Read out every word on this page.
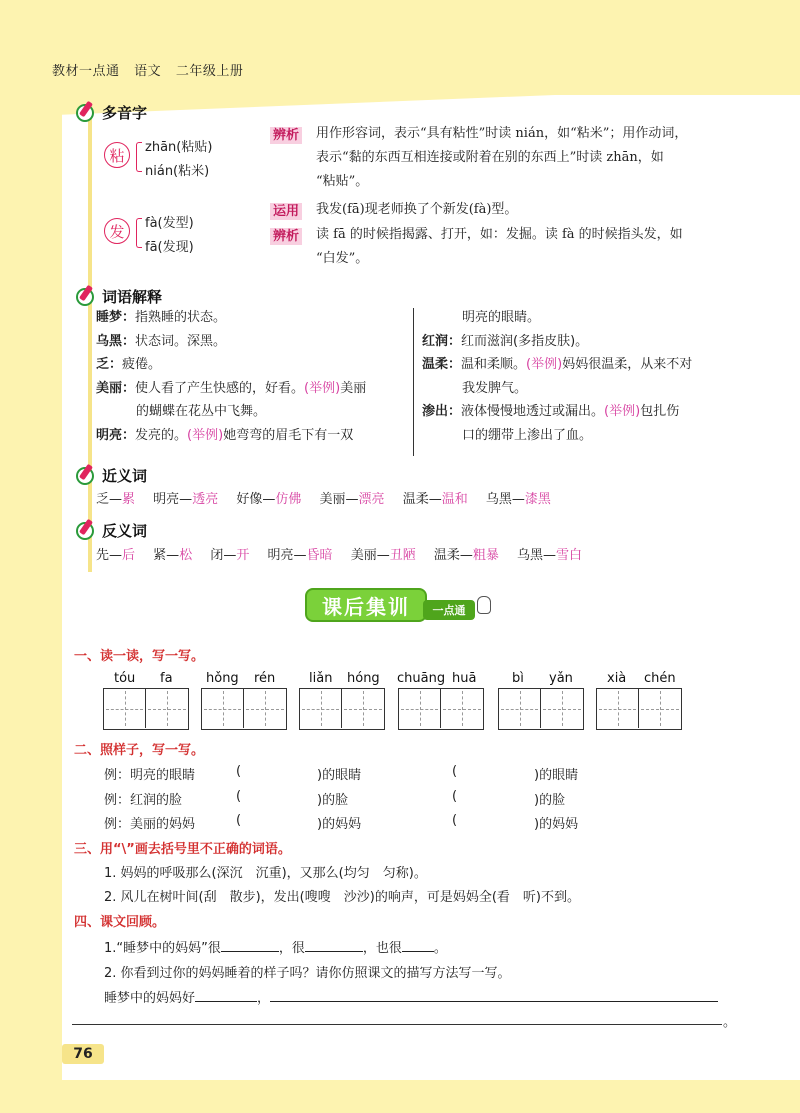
教材一点通 语文 二年级上册
多音字
粘	zhān(粘贴)
nián(粘米)
发	fà(发型)
fā(发现)
辨析 用作形容词，表示“具有粘性”时读 nián，如“粘米”；用作动词，
表示“黏的东西互相连接或附着在别的东西上”时读 zhān，如
“粘贴”。
运用 我发(fā)现老师换了个新发(fà)型。
辨析 读 fā 的时候指揭露、打开，如：发掘。读 fà 的时候指头发，如
“白发”。
词语解释
睡梦：指熟睡的状态。
乌黑：状态词。深黑。
乏：疲倦。
美丽：使人看了产生快感的，好看。(举例)美丽
的蝴蝶在花丛中飞舞。
明亮：发亮的。(举例)她弯弯的眉毛下有一双
明亮的眼睛。
红润：红而滋润(多指皮肤)。
温柔：温和柔顺。(举例)妈妈很温柔，从来不对
我发脾气。
渗出：液体慢慢地透过或漏出。(举例)包扎伤
口的绷带上渗出了血。
近义词
乏—累 明亮—透亮 好像—仿佛 美丽—漂亮 温柔—温和 乌黑—漆黑
反义词
先—后 紧—松 闭—开 明亮—昏暗 美丽—丑陋 温柔—粗暴 乌黑—雪白
课后集训	一点通
一、读一读，写一写。
tóu fa	hǒng rén	liǎn hóng chuāng huā	bì yǎn	xià chén
二、照样子，写一写。
例：明亮的眼睛	(	)的眼睛	(	)的眼睛
例：红润的脸	(	)的脸	(	)的脸
例：美丽的妈妈	(	)的妈妈	(	)的妈妈
三、用“\”画去括号里不正确的词语。
1. 妈妈的呼吸那么(深沉　沉重)，又那么(均匀　匀称)。
2. 风儿在树叶间(刮　散步)，发出(嗖嗖　沙沙)的响声，可是妈妈全(看　听)不到。
四、课文回顾。
1.“睡梦中的妈妈”很	，很	，也很 。
2. 你看到过你的妈妈睡着的样子吗？请你仿照课文的描写方法写一写。
睡梦中的妈妈好	，
。
76
